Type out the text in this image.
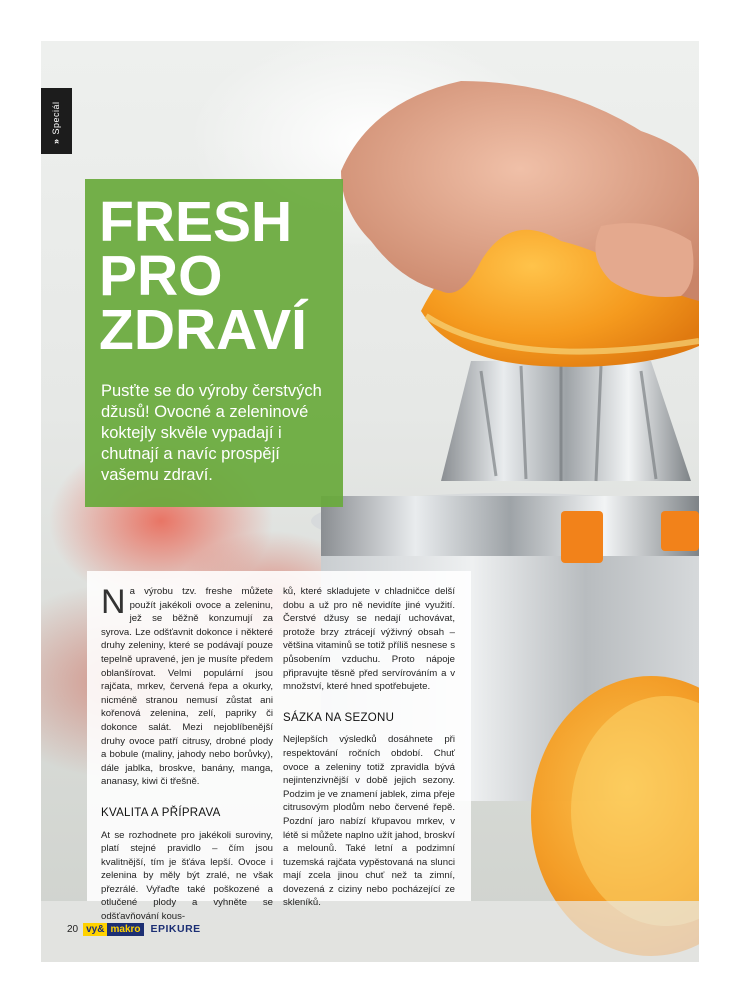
»
Speciál
FRESH
PRO
ZDRAVÍ

Pusťte se do výroby čerstvých džusů! Ovocné a zeleninové koktejly skvěle vypadají i chutnají a navíc prospějí vašemu zdraví.

Na výrobu tzv. freshe můžete použít jakékoli ovoce a zeleninu, jež se běžně konzumují za syrova. Lze odšťavnit dokonce i některé druhy zeleniny, které se podávají pouze tepelně upravené, jen je musíte předem oblanšírovat. Velmi populární jsou rajčata, mrkev, červená řepa a okurky, nicméně stranou nemusí zůstat ani kořenová zelenina, zelí, papriky či dokonce salát. Mezi nejoblíbenější druhy ovoce patří citrusy, drobné plody a bobule (maliny, jahody nebo borůvky), dále jablka, broskve, banány, manga, ananasy, kiwi či třešně.

KVALITA A PŘÍPRAVA

At se rozhodnete pro jakékoli suroviny, platí stejné pravidlo – čím jsou kvalitnější, tím je šťáva lepší. Ovoce i zelenina by měly být zralé, ne však přezrálé. Vyřaďte také poškozené a otlučené plody a vyhněte se odšťavňování kous-

ků, které skladujete v chladničce delší dobu a už pro ně nevidíte jiné využití. Čerstvé džusy se nedají uchovávat, protože brzy ztrácejí výživný obsah – většina vitaminů se totiž příliš nesnese s působením vzduchu. Proto nápoje připravujte těsně před servírováním a v množství, které hned spotřebujete.

SÁZKA NA SEZONU

Nejlepších výsledků dosáhnete při respektování ročních období. Chuť ovoce a zeleniny totiž zpravidla bývá nejintenzivnější v době jejich sezony. Podzim je ve znamení jablek, zima přeje citrusovým plodům nebo červené řepě. Pozdní jaro nabízí křupavou mrkev, v létě si můžete naplno užít jahod, broskví a melounů. Také letní a podzimní tuzemská rajčata vypěstovaná na slunci mají zcela jinou chuť než ta zimní, dovezená z ciziny nebo pocházející ze skleníků.

20 vy& makro EPIKURE
